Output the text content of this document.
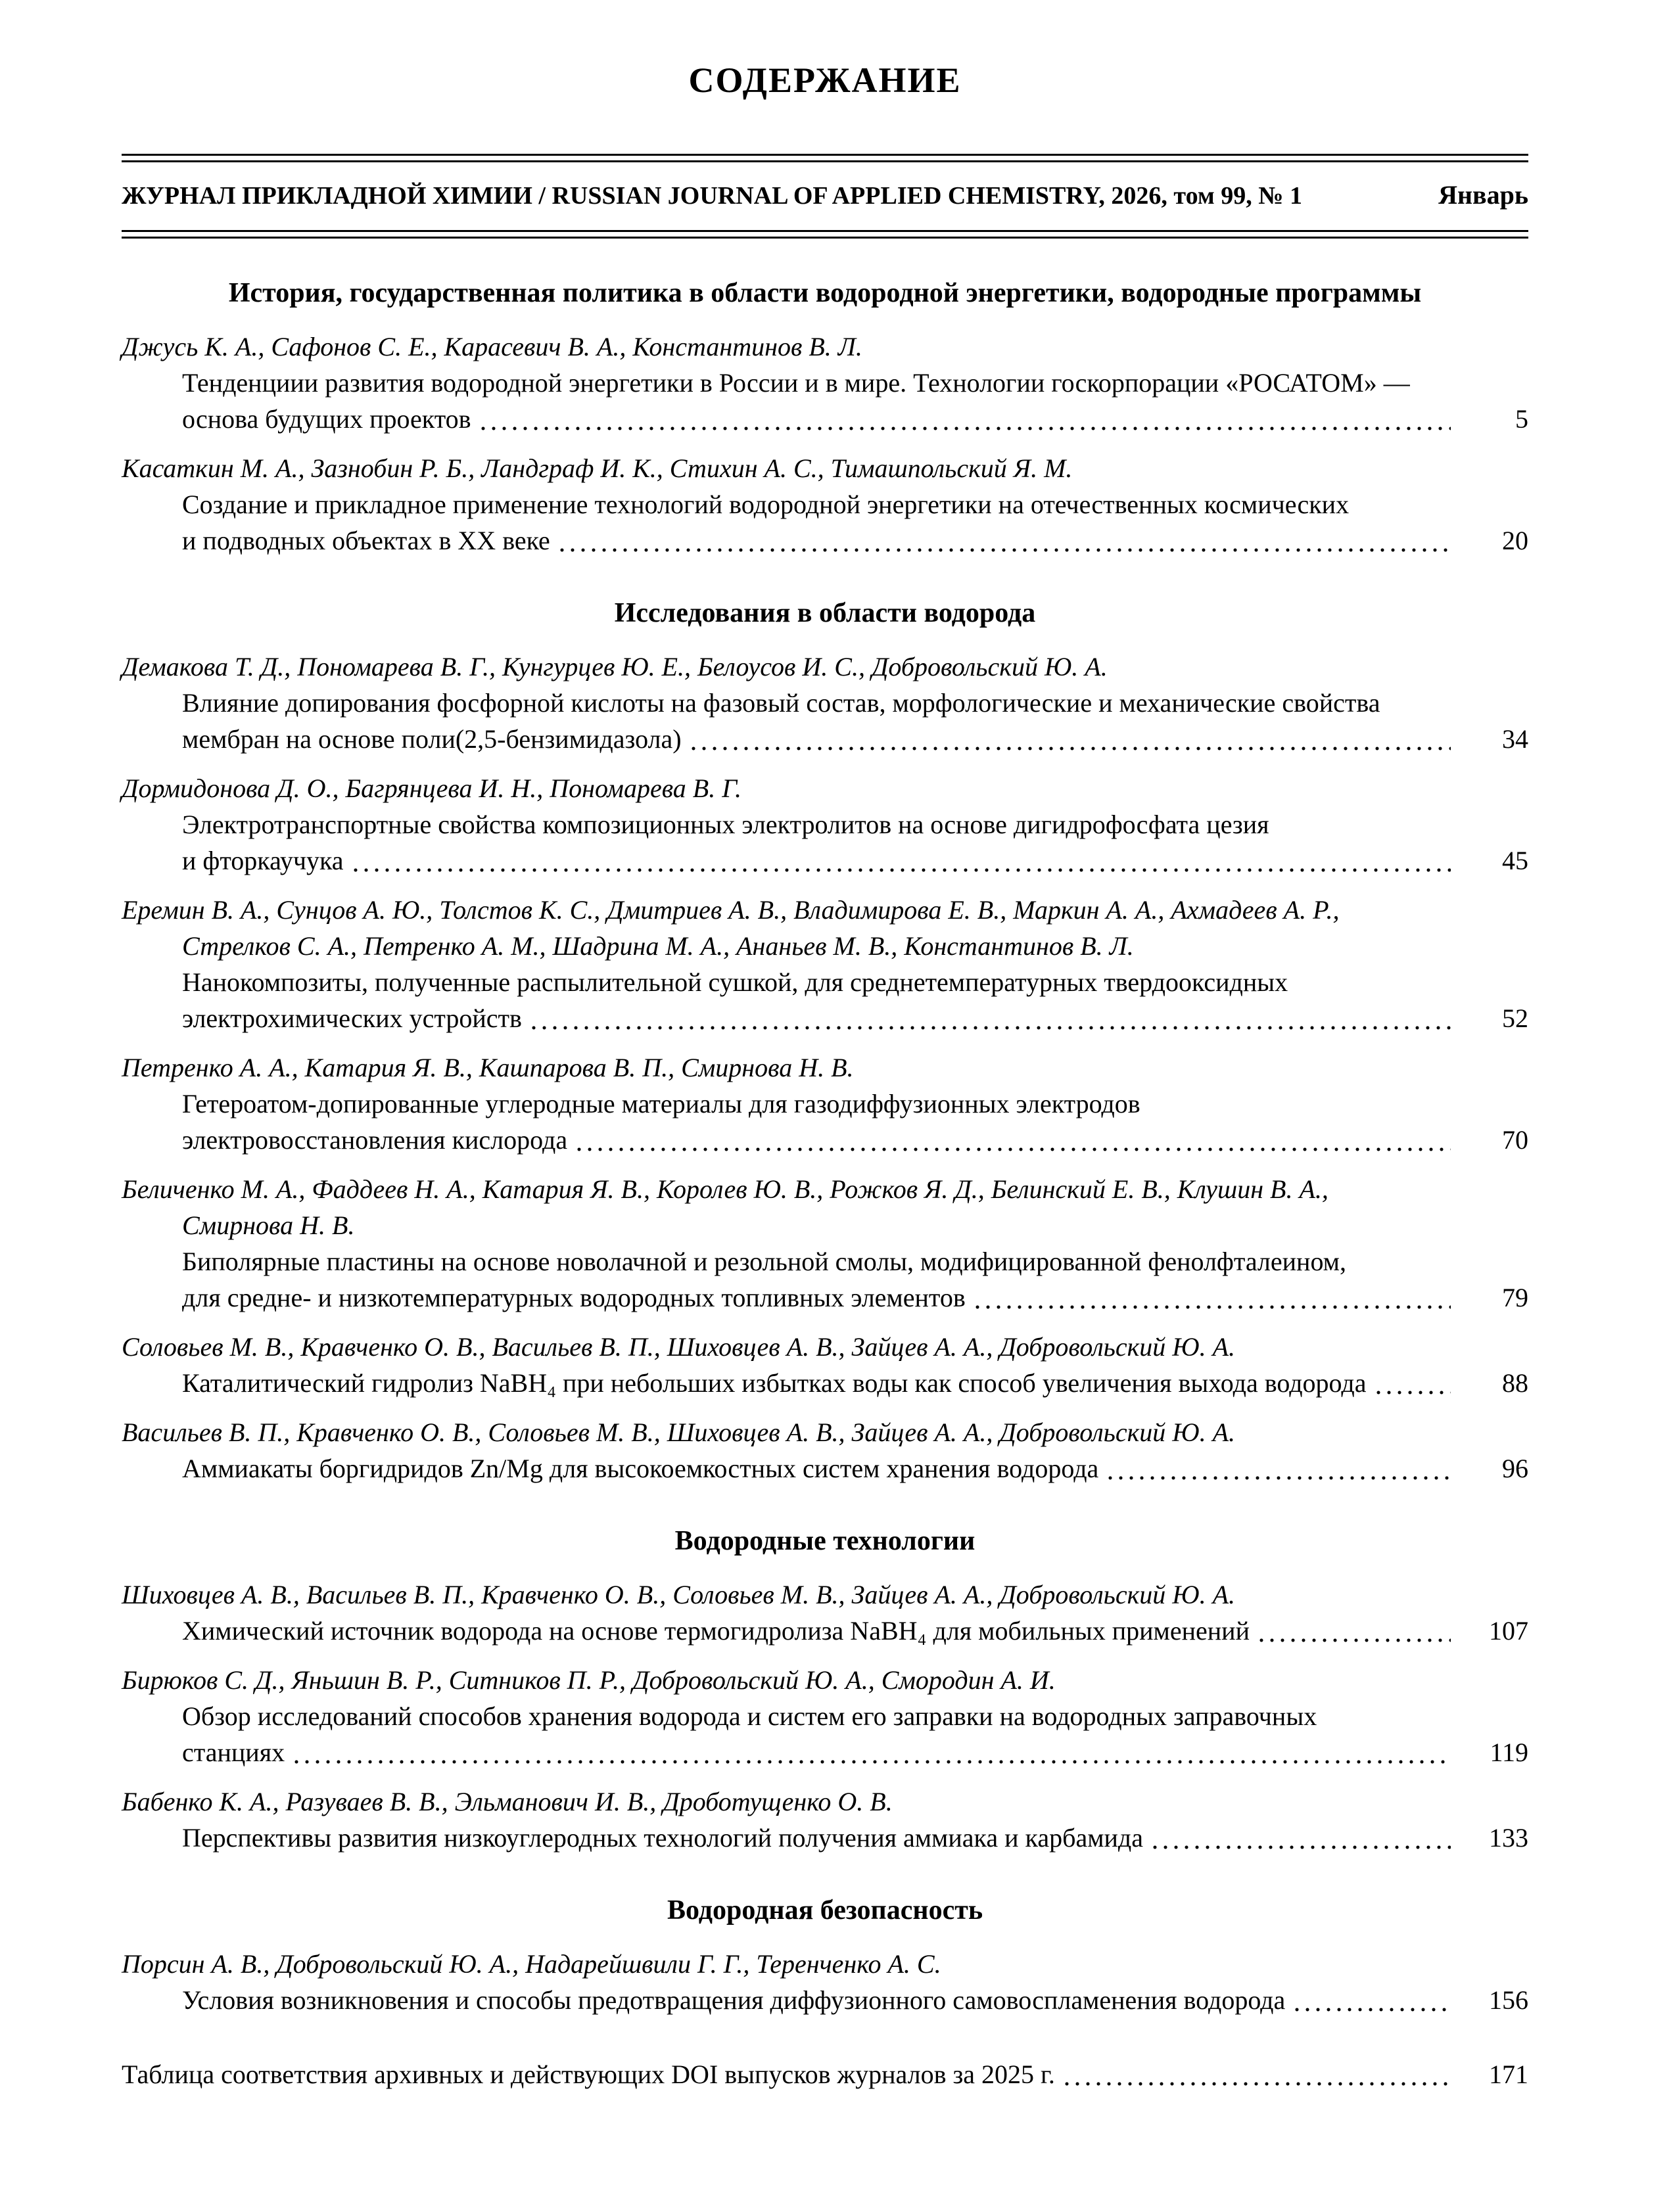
СОДЕРЖАНИЕ
ЖУРНАЛ ПРИКЛАДНОЙ ХИМИИ / RUSSIAN JOURNAL OF APPLIED CHEMISTRY, 2026, том 99, № 1	Январь
История, государственная политика в области водородной энергетики, водородные программы
Джусь К. А., Сафонов С. Е., Карасевич В. А., Константинов В. Л.
Тенденциии развития водородной энергетики в России и в мире. Технологии госкорпорации «РОСАТОМ» —
основа будущих проектов	5
Касаткин М. А., Зазнобин Р. Б., Ландграф И. К., Стихин А. С., Тимашпольский Я. М.
Создание и прикладное применение технологий водородной энергетики на отечественных космических
и подводных объектах в XX веке	20
Исследования в области водорода
Демакова Т. Д., Пономарева В. Г., Кунгурцев Ю. Е., Белоусов И. С., Добровольский Ю. А.
Влияние допирования фосфорной кислоты на фазовый состав, морфологические и механические свойства
мембран на основе поли(2,5-бензимидазола)	34
Дормидонова Д. О., Багрянцева И. Н., Пономарева В. Г.
Электротранспортные свойства композиционных электролитов на основе дигидрофосфата цезия
и фторкаучука	45
Еремин В. А., Сунцов А. Ю., Толстов К. С., Дмитриев А. В., Владимирова Е. В., Маркин А. А., Ахмадеев А. Р.,
Стрелков С. А., Петренко А. М., Шадрина М. А., Ананьев М. В., Константинов В. Л.
Нанокомпозиты, полученные распылительной сушкой, для среднетемпературных твердооксидных
электрохимических устройств	52
Петренко А. А., Катария Я. В., Кашпарова В. П., Смирнова Н. В.
Гетероатом-допированные углеродные материалы для газодиффузионных электродов
электровосстановления кислорода	70
Беличенко М. А., Фаддеев Н. А., Катария Я. В., Королев Ю. В., Рожков Я. Д., Белинский Е. В., Клушин В. А.,
Смирнова Н. В.
Биполярные пластины на основе новолачной и резольной смолы, модифицированной фенолфталеином,
для средне- и низкотемпературных водородных топливных элементов	79
Соловьев М. В., Кравченко О. В., Васильев В. П., Шиховцев А. В., Зайцев А. А., Добровольский Ю. А.
Каталитический гидролиз NaBH₄ при небольших избытках воды как способ увеличения выхода водорода	88
Васильев В. П., Кравченко О. В., Соловьев М. В., Шиховцев А. В., Зайцев А. А., Добровольский Ю. А.
Аммиакаты боргидридов Zn/Mg для высокоемкостных систем хранения водорода	96
Водородные технологии
Шиховцев А. В., Васильев В. П., Кравченко О. В., Соловьев М. В., Зайцев А. А., Добровольский Ю. А.
Химический источник водорода на основе термогидролиза NaBH₄ для мобильных применений	107
Бирюков С. Д., Яньшин В. Р., Ситников П. Р., Добровольский Ю. А., Смородин А. И.
Обзор исследований способов хранения водорода и систем его заправки на водородных заправочных
станциях	119
Бабенко К. А., Разуваев В. В., Эльманович И. В., Дроботущенко О. В.
Перспективы развития низкоуглеродных технологий получения аммиака и карбамида	133
Водородная безопасность
Порсин А. В., Добровольский Ю. А., Надарейшвили Г. Г., Теренченко А. С.
Условия возникновения и способы предотвращения диффузионного самовоспламенения водорода	156
Таблица соответствия архивных и действующих DOI выпусков журналов за 2025 г.	171
